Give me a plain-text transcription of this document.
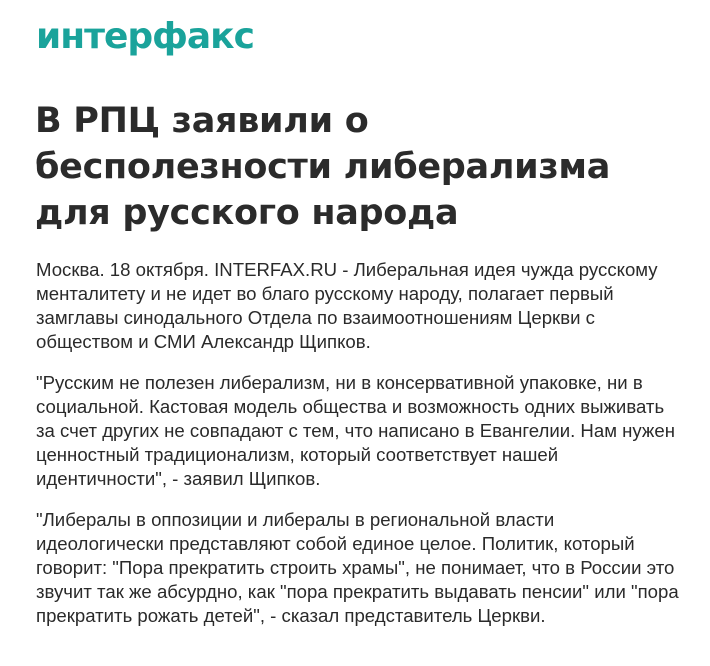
интерфакс
В РПЦ заявили о бесполезности либерализма для русского народа

Москва. 18 октября. INTERFAX.RU - Либеральная идея чужда русскому менталитету и не идет во благо русскому народу, полагает первый замглавы синодального Отдела по взаимоотношениям Церкви с обществом и СМИ Александр Щипков.

"Русским не полезен либерализм, ни в консервативной упаковке, ни в социальной. Кастовая модель общества и возможность одних выживать за счет других не совпадают с тем, что написано в Евангелии. Нам нужен ценностный традиционализм, который соответствует нашей идентичности", - заявил Щипков.

"Либералы в оппозиции и либералы в региональной власти идеологически представляют собой единое целое. Политик, который говорит: "Пора прекратить строить храмы", не понимает, что в России это звучит так же абсурдно, как "пора прекратить выдавать пенсии" или "пора прекратить рожать детей", - сказал представитель Церкви.
